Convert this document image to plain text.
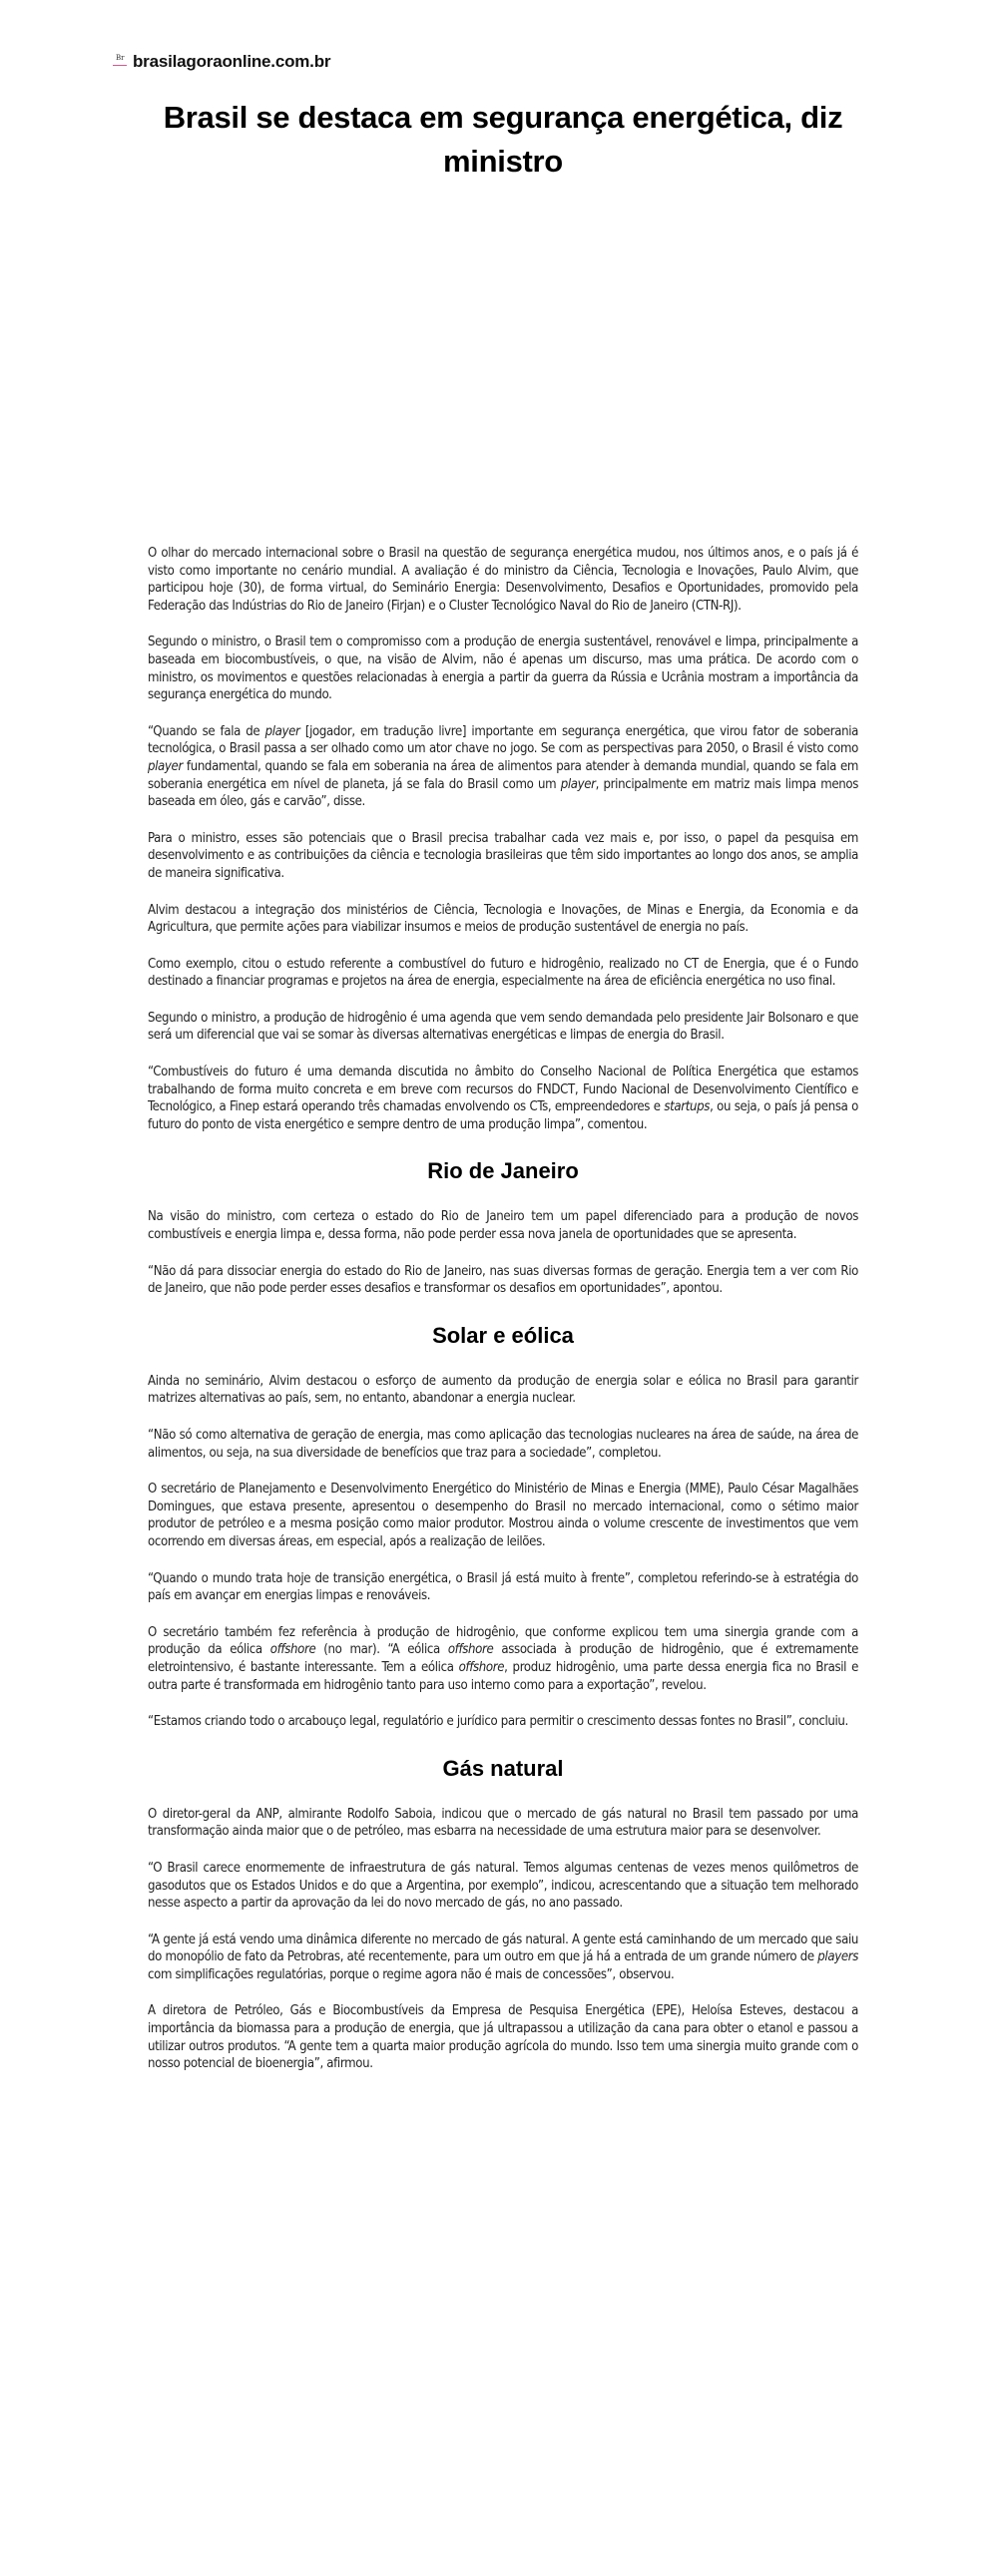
Br brasilagoraonline.com.br
Brasil se destaca em segurança energética, diz ministro

O olhar do mercado internacional sobre o Brasil na questão de segurança energética mudou, nos últimos anos, e o país já é visto como importante no cenário mundial. A avaliação é do ministro da Ciência, Tecnologia e Inovações, Paulo Alvim, que participou hoje (30), de forma virtual, do Seminário Energia: Desenvolvimento, Desafios e Oportunidades, promovido pela Federação das Indústrias do Rio de Janeiro (Firjan) e o Cluster Tecnológico Naval do Rio de Janeiro (CTN-RJ).

Segundo o ministro, o Brasil tem o compromisso com a produção de energia sustentável, renovável e limpa, principalmente a baseada em biocombustíveis, o que, na visão de Alvim, não é apenas um discurso, mas uma prática. De acordo com o ministro, os movimentos e questões relacionadas à energia a partir da guerra da Rússia e Ucrânia mostram a importância da segurança energética do mundo.

“Quando se fala de player [jogador, em tradução livre] importante em segurança energética, que virou fator de soberania tecnológica, o Brasil passa a ser olhado como um ator chave no jogo. Se com as perspectivas para 2050, o Brasil é visto como player fundamental, quando se fala em soberania na área de alimentos para atender à demanda mundial, quando se fala em soberania energética em nível de planeta, já se fala do Brasil como um player, principalmente em matriz mais limpa menos baseada em óleo, gás e carvão”, disse.

Para o ministro, esses são potenciais que o Brasil precisa trabalhar cada vez mais e, por isso, o papel da pesquisa em desenvolvimento e as contribuições da ciência e tecnologia brasileiras que têm sido importantes ao longo dos anos, se amplia de maneira significativa.

Alvim destacou a integração dos ministérios de Ciência, Tecnologia e Inovações, de Minas e Energia, da Economia e da Agricultura, que permite ações para viabilizar insumos e meios de produção sustentável de energia no país.

Como exemplo, citou o estudo referente a combustível do futuro e hidrogênio, realizado no CT de Energia, que é o Fundo destinado a financiar programas e projetos na área de energia, especialmente na área de eficiência energética no uso final.

Segundo o ministro, a produção de hidrogênio é uma agenda que vem sendo demandada pelo presidente Jair Bolsonaro e que será um diferencial que vai se somar às diversas alternativas energéticas e limpas de energia do Brasil.

“Combustíveis do futuro é uma demanda discutida no âmbito do Conselho Nacional de Política Energética que estamos trabalhando de forma muito concreta e em breve com recursos do FNDCT, Fundo Nacional de Desenvolvimento Científico e Tecnológico, a Finep estará operando três chamadas envolvendo os CTs, empreendedores e startups, ou seja, o país já pensa o futuro do ponto de vista energético e sempre dentro de uma produção limpa”, comentou.

Rio de Janeiro

Na visão do ministro, com certeza o estado do Rio de Janeiro tem um papel diferenciado para a produção de novos combustíveis e energia limpa e, dessa forma, não pode perder essa nova janela de oportunidades que se apresenta.

“Não dá para dissociar energia do estado do Rio de Janeiro, nas suas diversas formas de geração. Energia tem a ver com Rio de Janeiro, que não pode perder esses desafios e transformar os desafios em oportunidades”, apontou.

Solar e eólica

Ainda no seminário, Alvim destacou o esforço de aumento da produção de energia solar e eólica no Brasil para garantir matrizes alternativas ao país, sem, no entanto, abandonar a energia nuclear.

“Não só como alternativa de geração de energia, mas como aplicação das tecnologias nucleares na área de saúde, na área de alimentos, ou seja, na sua diversidade de benefícios que traz para a sociedade”, completou.

O secretário de Planejamento e Desenvolvimento Energético do Ministério de Minas e Energia (MME), Paulo César Magalhães Domingues, que estava presente, apresentou o desempenho do Brasil no mercado internacional, como o sétimo maior produtor de petróleo e a mesma posição como maior produtor. Mostrou ainda o volume crescente de investimentos que vem ocorrendo em diversas áreas, em especial, após a realização de leilões.

“Quando o mundo trata hoje de transição energética, o Brasil já está muito à frente”, completou referindo-se à estratégia do país em avançar em energias limpas e renováveis.

O secretário também fez referência à produção de hidrogênio, que conforme explicou tem uma sinergia grande com a produção da eólica offshore (no mar). “A eólica offshore associada à produção de hidrogênio, que é extremamente eletrointensivo, é bastante interessante. Tem a eólica offshore, produz hidrogênio, uma parte dessa energia fica no Brasil e outra parte é transformada em hidrogênio tanto para uso interno como para a exportação”, revelou.

“Estamos criando todo o arcabouço legal, regulatório e jurídico para permitir o crescimento dessas fontes no Brasil”, concluiu.

Gás natural

O diretor-geral da ANP, almirante Rodolfo Saboia, indicou que o mercado de gás natural no Brasil tem passado por uma transformação ainda maior que o de petróleo, mas esbarra na necessidade de uma estrutura maior para se desenvolver.

“O Brasil carece enormemente de infraestrutura de gás natural. Temos algumas centenas de vezes menos quilômetros de gasodutos que os Estados Unidos e do que a Argentina, por exemplo”, indicou, acrescentando que a situação tem melhorado nesse aspecto a partir da aprovação da lei do novo mercado de gás, no ano passado.

“A gente já está vendo uma dinâmica diferente no mercado de gás natural. A gente está caminhando de um mercado que saiu do monopólio de fato da Petrobras, até recentemente, para um outro em que já há a entrada de um grande número de players com simplificações regulatórias, porque o regime agora não é mais de concessões”, observou.

A diretora de Petróleo, Gás e Biocombustíveis da Empresa de Pesquisa Energética (EPE), Heloísa Esteves, destacou a importância da biomassa para a produção de energia, que já ultrapassou a utilização da cana para obter o etanol e passou a utilizar outros produtos. “A gente tem a quarta maior produção agrícola do mundo. Isso tem uma sinergia muito grande com o nosso potencial de bioenergia”, afirmou.
